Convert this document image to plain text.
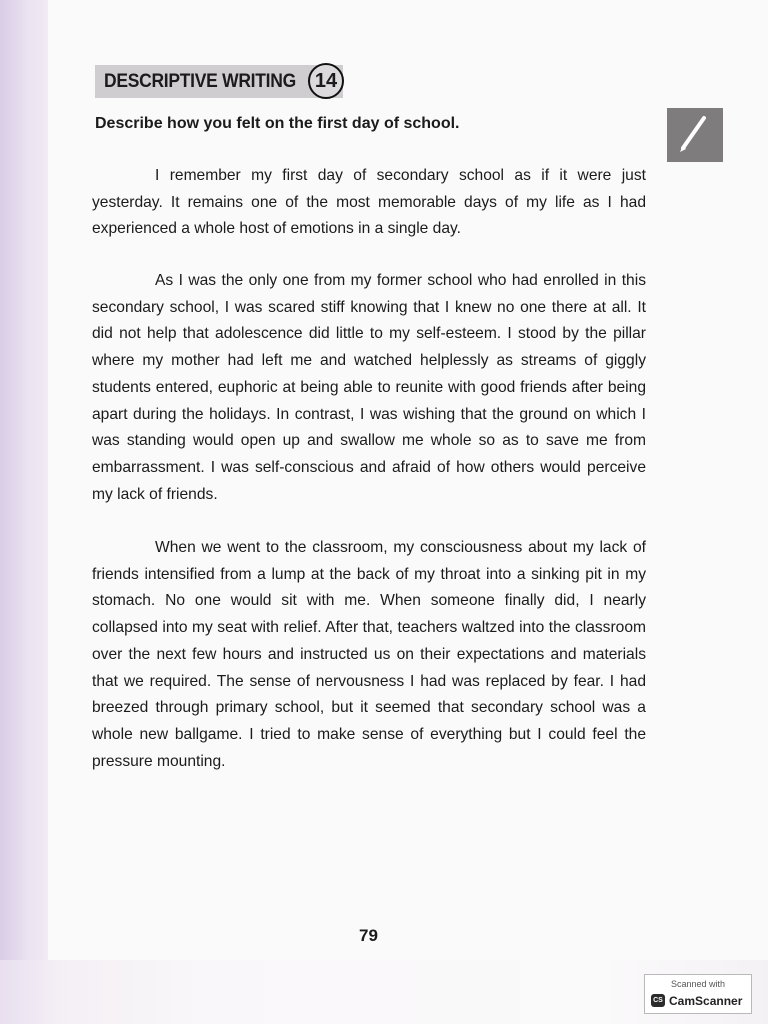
DESCRIPTIVE WRITING 14
Describe how you felt on the first day of school.
I remember my first day of secondary school as if it were just yesterday. It remains one of the most memorable days of my life as I had experienced a whole host of emotions in a single day.
As I was the only one from my former school who had enrolled in this secondary school, I was scared stiff knowing that I knew no one there at all. It did not help that adolescence did little to my self-esteem. I stood by the pillar where my mother had left me and watched helplessly as streams of giggly students entered, euphoric at being able to reunite with good friends after being apart during the holidays. In contrast, I was wishing that the ground on which I was standing would open up and swallow me whole so as to save me from embarrassment. I was self-conscious and afraid of how others would perceive my lack of friends.
When we went to the classroom, my consciousness about my lack of friends intensified from a lump at the back of my throat into a sinking pit in my stomach. No one would sit with me. When someone finally did, I nearly collapsed into my seat with relief. After that, teachers waltzed into the classroom over the next few hours and instructed us on their expectations and materials that we required. The sense of nervousness I had was replaced by fear. I had breezed through primary school, but it seemed that secondary school was a whole new ballgame. I tried to make sense of everything but I could feel the pressure mounting.
79
Scanned with
CS CamScanner
